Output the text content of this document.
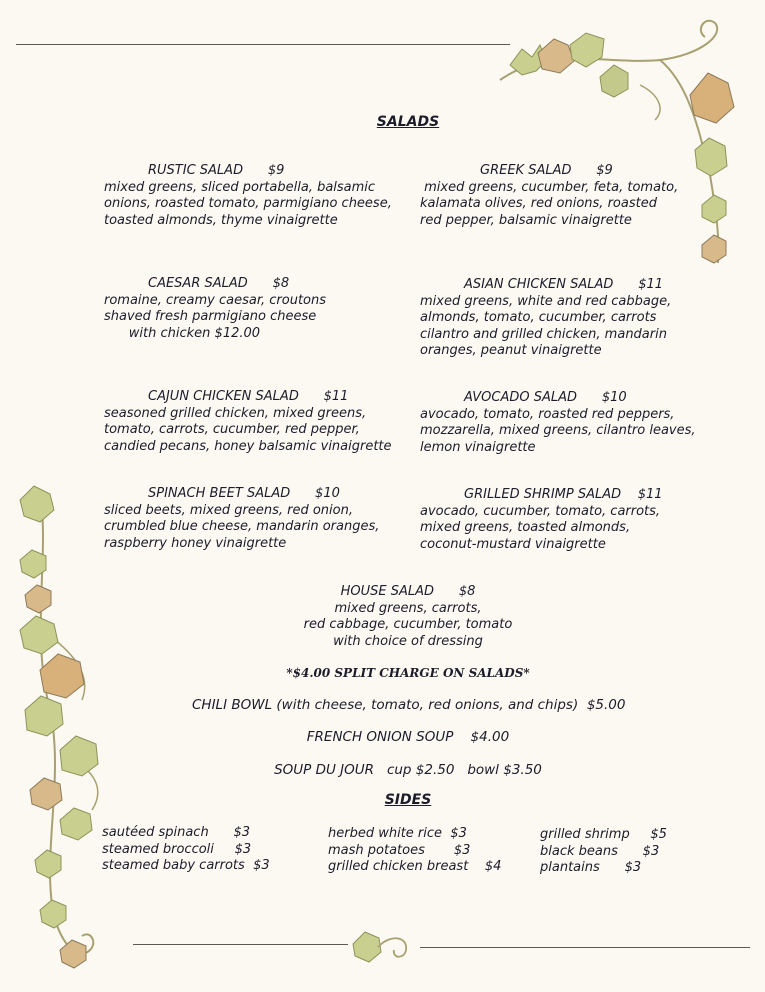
SALADS
RUSTIC SALAD $9
mixed greens, sliced portabella, balsamic
onions, roasted tomato, parmigiano cheese,
toasted almonds, thyme vinaigrette
CAESAR SALAD $8
romaine, creamy caesar, croutons
shaved fresh parmigiano cheese
with chicken $12.00
CAJUN CHICKEN SALAD $11
seasoned grilled chicken, mixed greens,
tomato, carrots, cucumber, red pepper,
candied pecans, honey balsamic vinaigrette
SPINACH BEET SALAD $10
sliced beets, mixed greens, red onion,
crumbled blue cheese, mandarin oranges,
raspberry honey vinaigrette
GREEK SALAD $9
mixed greens, cucumber, feta, tomato,
kalamata olives, red onions, roasted
red pepper, balsamic vinaigrette
ASIAN CHICKEN SALAD $11
mixed greens, white and red cabbage,
almonds, tomato, cucumber, carrots
cilantro and grilled chicken, mandarin
oranges, peanut vinaigrette
AVOCADO SALAD $10
avocado, tomato, roasted red peppers,
mozzarella, mixed greens, cilantro leaves,
lemon vinaigrette
GRILLED SHRIMP SALAD $11
avocado, cucumber, tomato, carrots,
mixed greens, toasted almonds,
coconut-mustard vinaigrette
HOUSE SALAD $8
mixed greens, carrots,
red cabbage, cucumber, tomato
with choice of dressing
*$4.00 SPLIT CHARGE ON SALADS*
CHILI BOWL (with cheese, tomato, red onions, and chips) $5.00
FRENCH ONION SOUP $4.00
SOUP DU JOUR cup $2.50 bowl $3.50
SIDES
sautéed spinach $3
steamed broccoli $3
steamed baby carrots $3
herbed white rice $3
mash potatoes $3
grilled chicken breast $4
grilled shrimp $5
black beans $3
plantains $3
